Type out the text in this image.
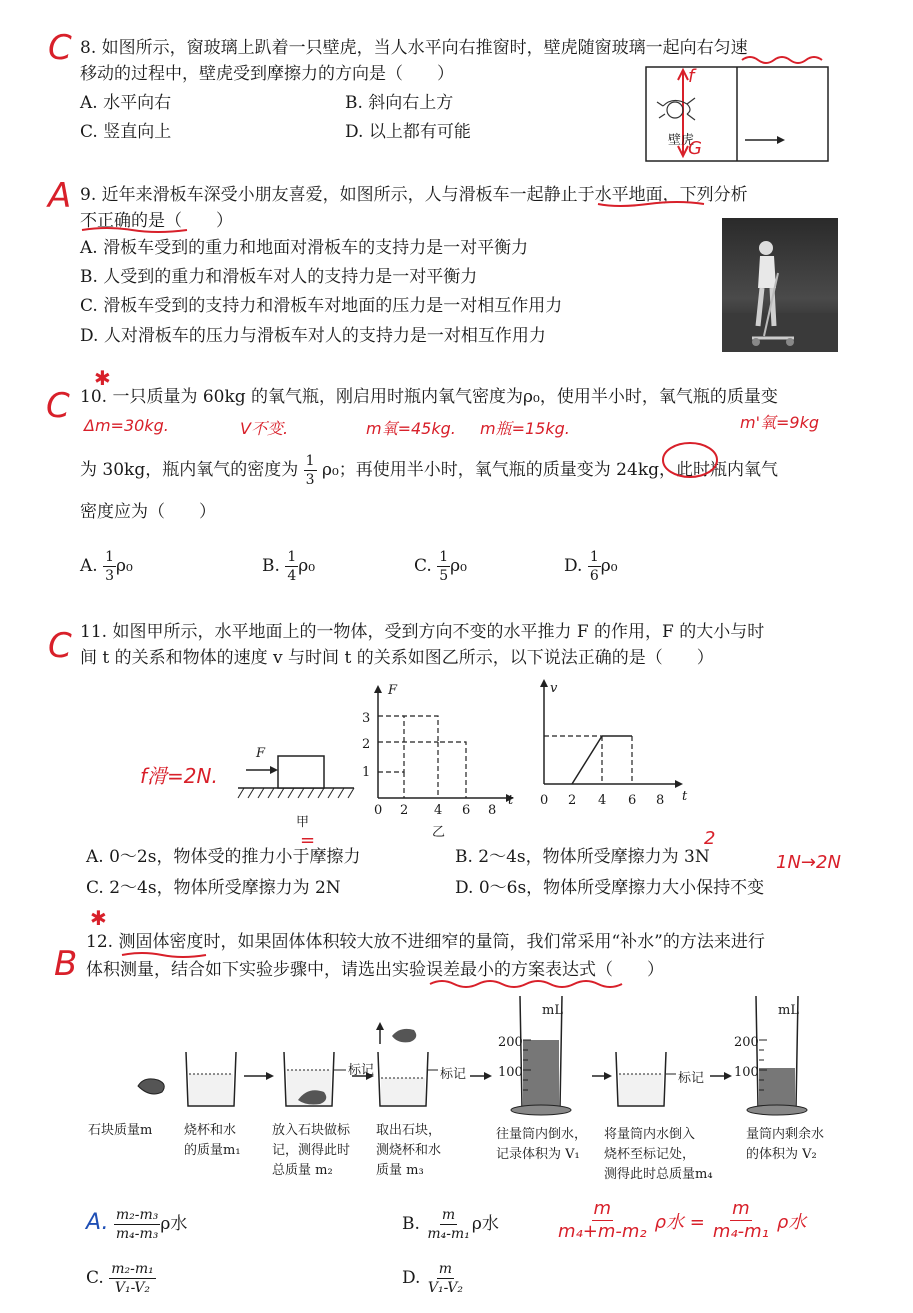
C 8. 如图所示，窗玻璃上趴着一只壁虎，当人水平向右推窗时，壁虎随窗玻璃一起向右匀速
移动的过程中，壁虎受到摩擦力的方向是（　　）
A. 水平向右	B. 斜向右上方
C. 竖直向上	D. 以上都有可能	壁虎
f
G
A 9. 近年来滑板车深受小朋友喜爱，如图所示，人与滑板车一起静止于水平地面，下列分析
不正确的是（　　）
A. 滑板车受到的重力和地面对滑板车的支持力是一对平衡力
B. 人受到的重力和滑板车对人的支持力是一对平衡力
C. 滑板车受到的支持力和滑板车对地面的压力是一对相互作用力
D. 人对滑板车的压力与滑板车对人的支持力是一对相互作用力
C
✱
10. 一只质量为 60kg 的氧气瓶，刚启用时瓶内氧气密度为ρ₀，使用半小时，氧气瓶的质量变
Δm=30kg.	V不变.	m氧=45kg. m瓶=15kg.	m'氧=9kg
为 30kg，瓶内氧气的密度为 $\frac{1}{3} \rho_0$；再使用半小时，氧气瓶的质量变为 24kg，此时瓶内氧气
密度应为（　　）
A. $\frac{1}{3} \rho_0$	B. $\frac{1}{4} \rho_0$	C. $\frac{1}{5} \rho_0$	D. $\frac{1}{6} \rho_0$
C 11. 如图甲所示，水平地面上的一物体，受到方向不变的水平推力 F 的作用，F 的大小与时
间 t 的关系和物体的速度 v 与时间 t 的关系如图乙所示，以下说法正确的是（　　）
f滑=2N.
F
甲
F
t
1
2
3
0 2 4 6 8
乙
v
t
0 2 4 6 8
A. 0～2s，物体受的推力小于摩擦力
=
B. 2～4s，物体所受摩擦力为 3N
2
C. 2～4s，物体所受摩擦力为 2N	D. 0～6s，物体所受摩擦力大小保持不变
1N→2N
✱
B
12. 测固体密度时，如果固体体积较大放不进细窄的量筒，我们常采用“补水”的方法来进行
体积测量，结合如下实验步骤中，请选出实验误差最小的方案表达式（　　）
mL
200
100
mL
200
100
标记	标记	标记
石块质量m 烧杯和水
的质量m₁
放入石块做标
记，测得此时
总质量 m₂
取出石块，
测烧杯和水
质量 m₃
往量筒内倒水，
记录体积为 V₁
将量筒内水倒入
烧杯至标记处，
测得此时总质量m₄
量筒内剩余水
的体积为 V₂
A. $\frac{\text{m₂-m₃}}{\text{m₄-m₃}}$ ρ水	B. $\frac{m}{\text{m₄-m₁}}$ ρ水
C. $\frac{\text{m₂-m₁}}{\text{V₁-V₂}}$	D. $\frac{m}{\text{V₁-V₂}}$
$\frac{m}{\text{m₄+m-m₂}}$ ρ水 = $\frac{m}{\text{m₄-m₁}}$ ρ水
